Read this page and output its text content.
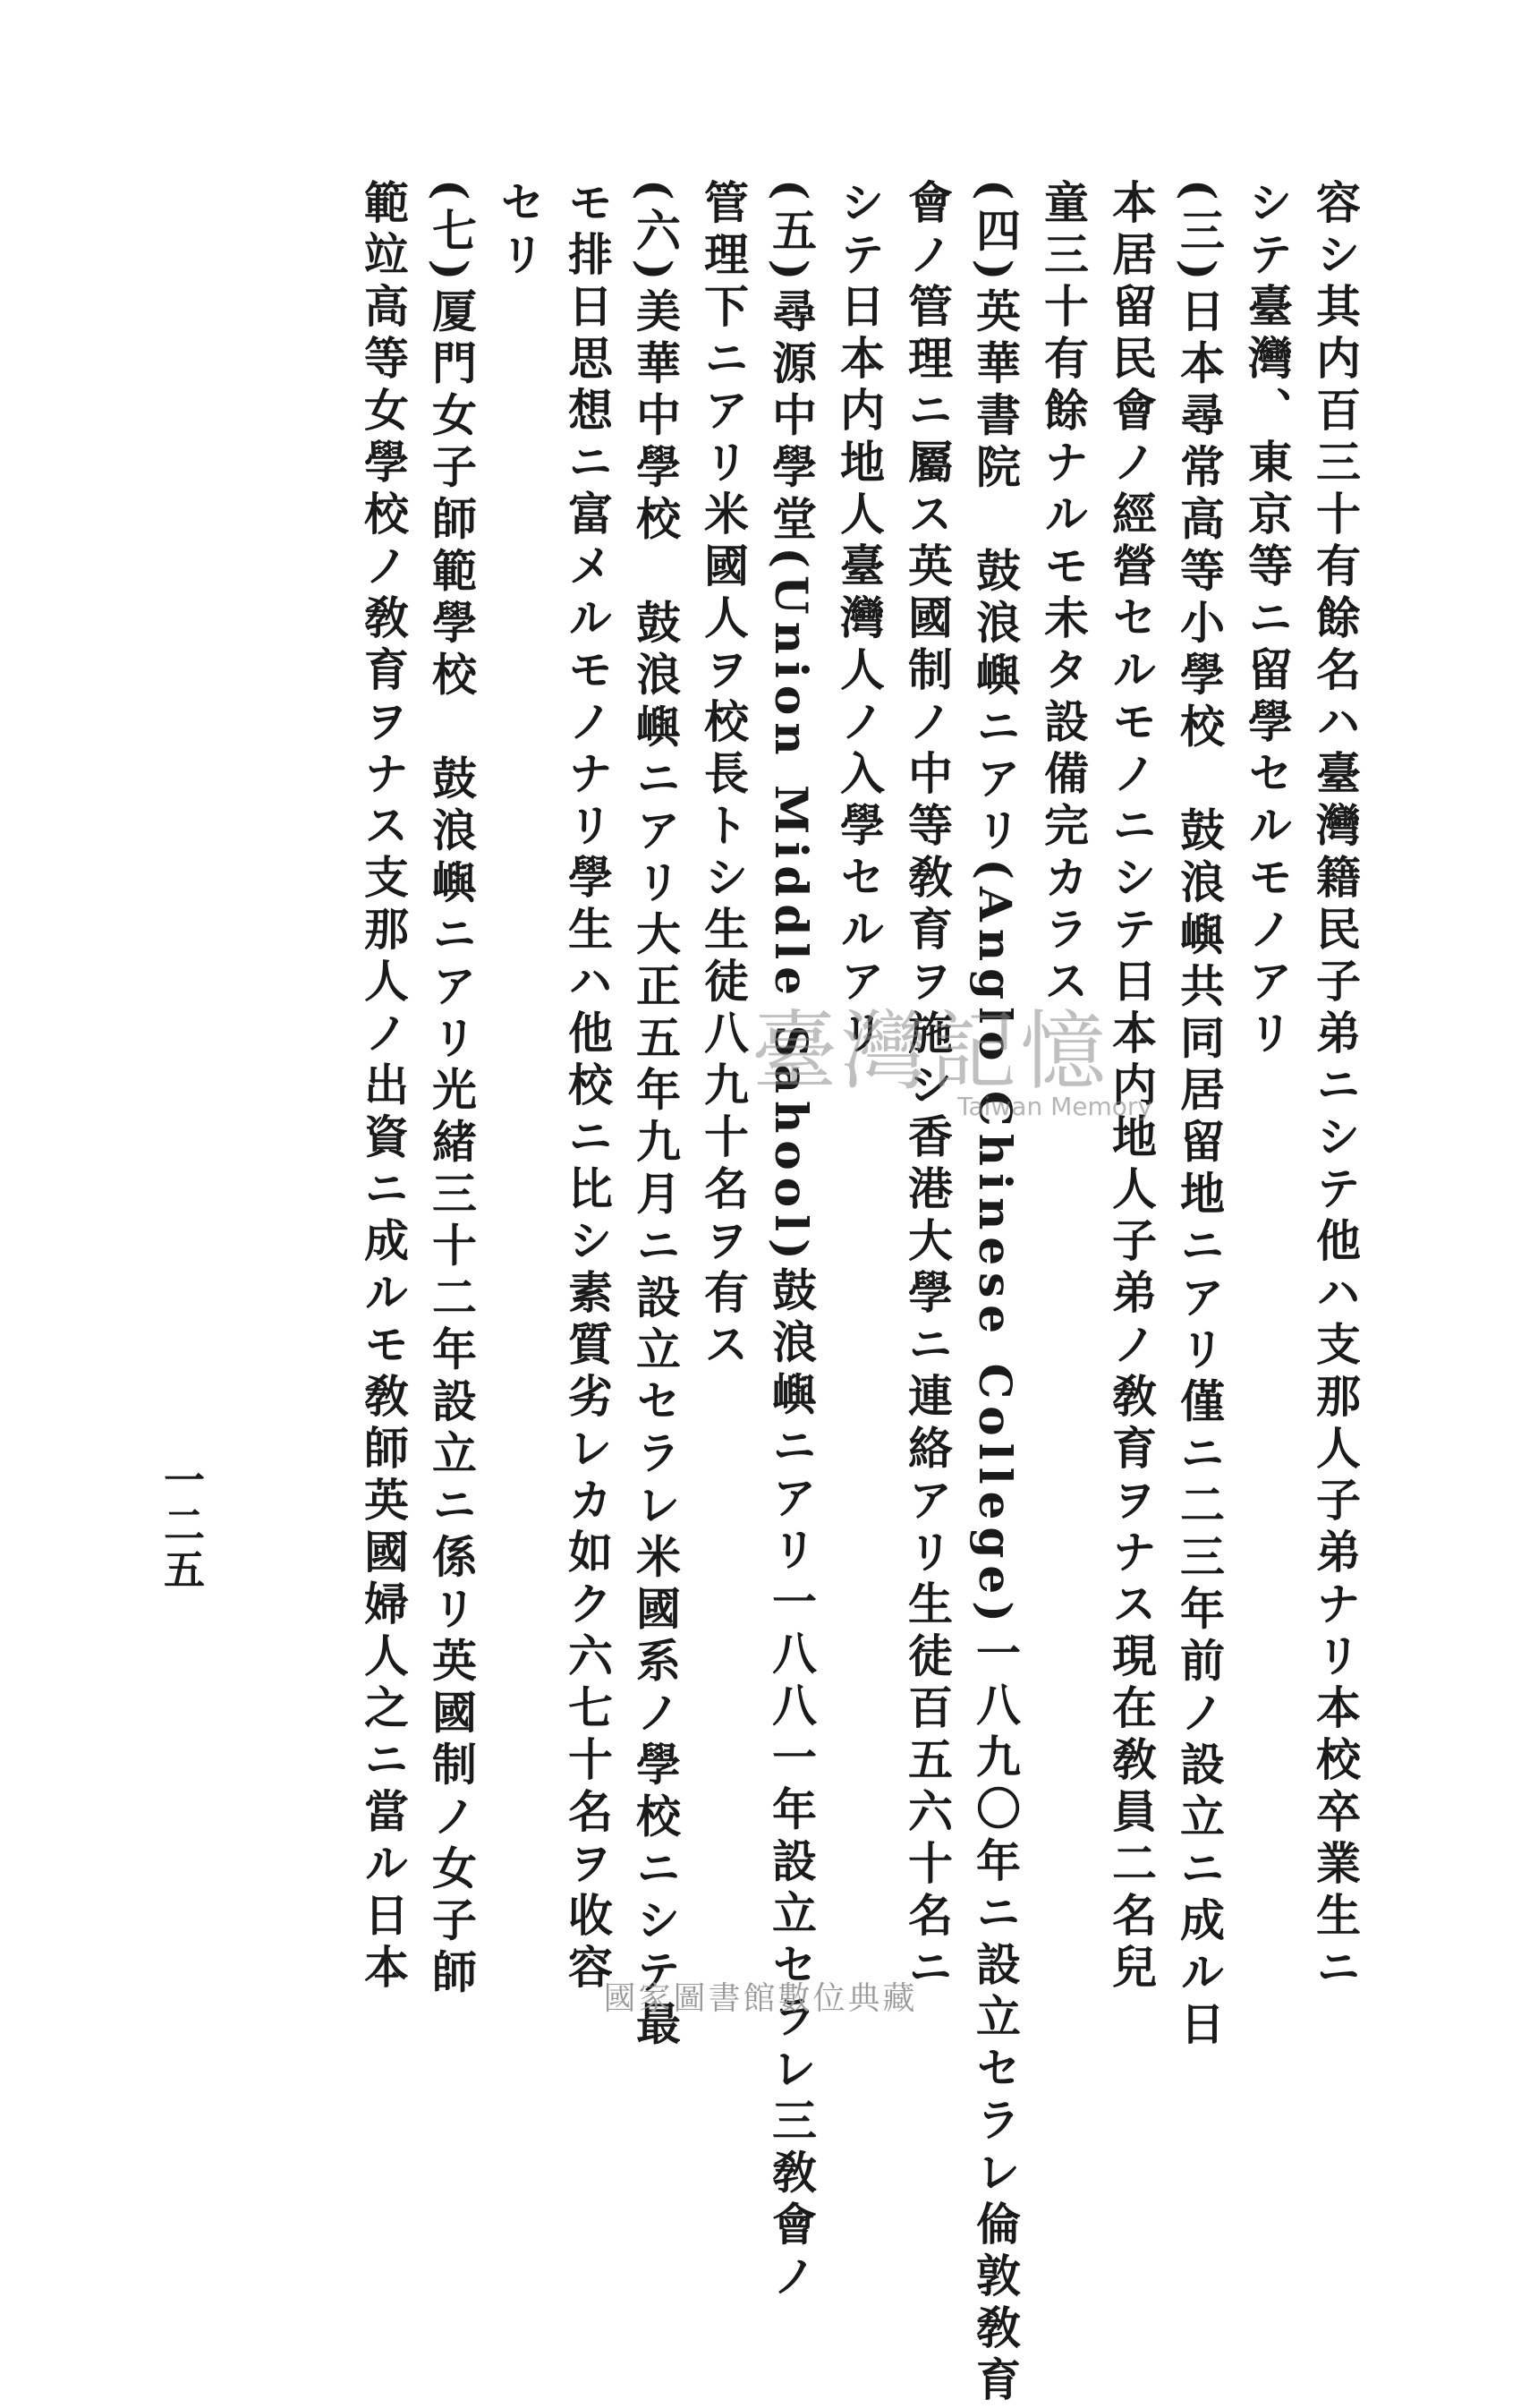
容シ其内百三十有餘名ハ臺灣籍民子弟ニシテ他ハ支那人子弟ナリ本校卒業生ニ
シテ臺灣、東京等ニ留學セルモノアリ
(三)日本尋常高等小學校　鼓浪嶼共同居留地ニアリ僅ニ二三年前ノ設立ニ成ル日
本居留民會ノ經營セルモノニシテ日本内地人子弟ノ敎育ヲナス現在敎員二名兒
童三十有餘ナルモ未タ設備完カラス
(四)英華書院　鼓浪嶼ニアリ(Anglo Chinese College)一八九〇年ニ設立セラレ倫敦敎育
會ノ管理ニ屬ス英國制ノ中等敎育ヲ施シ香港大學ニ連絡アリ生徒百五六十名ニ
シテ日本内地人臺灣人ノ入學セルアリ
(五)尋源中學堂(Union Middle Sahool)鼓浪嶼ニアリ一八八一年設立セラレ三敎會ノ
管理下ニアリ米國人ヲ校長トシ生徒八九十名ヲ有ス
(六)美華中學校　鼓浪嶼ニアリ大正五年九月ニ設立セラレ米國系ノ學校ニシテ最
モ排日思想ニ富メルモノナリ學生ハ他校ニ比シ素質劣レカ如ク六七十名ヲ收容
セリ
(七)厦門女子師範學校　鼓浪嶼ニアリ光緒三十二年設立ニ係リ英國制ノ女子師
範竝高等女學校ノ敎育ヲナス支那人ノ出資ニ成ルモ敎師英國婦人之ニ當ル日本
一二五
臺灣記憶
Taiwan Memory
國家圖書館數位典藏
